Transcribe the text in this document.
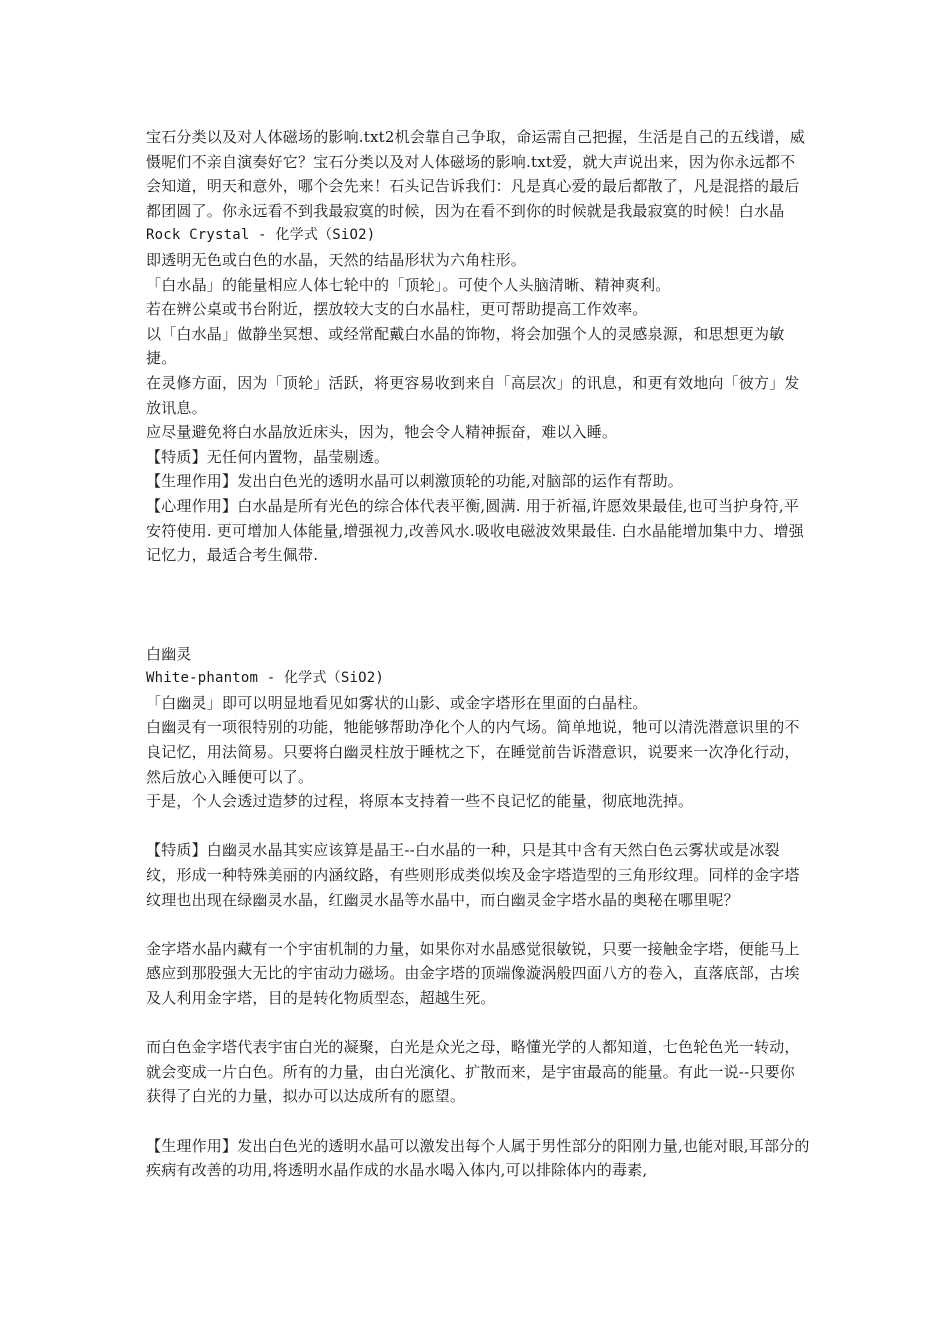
宝石分类以及对人体磁场的影响.txt2机会靠自己争取，命运需自己把握，生活是自己的五线谱，威慑呢们不亲自演奏好它？宝石分类以及对人体磁场的影响.txt爱，就大声说出来，因为你永远都不会知道，明天和意外，哪个会先来！石头记告诉我们：凡是真心爱的最后都散了，凡是混搭的最后都团圆了。你永远看不到我最寂寞的时候，因为在看不到你的时候就是我最寂寞的时候！白水晶

Rock Crystal - 化学式（SiO2)

即透明无色或白色的水晶，天然的结晶形状为六角柱形。

「白水晶」的能量相应人体七轮中的「顶轮」。可使个人头脑清晰、精神爽利。

若在辨公桌或书台附近，摆放较大支的白水晶柱，更可帮助提高工作效率。

以「白水晶」做静坐冥想、或经常配戴白水晶的饰物，将会加强个人的灵感泉源，和思想更为敏捷。

在灵修方面，因为「顶轮」活跃，将更容易收到来自「高层次」的讯息，和更有效地向「彼方」发放讯息。

应尽量避免将白水晶放近床头，因为，牠会令人精神振奋，难以入睡。

【特质】无任何内置物，晶莹剔透。

【生理作用】发出白色光的透明水晶可以刺激顶轮的功能,对脑部的运作有帮助。

【心理作用】白水晶是所有光色的综合体代表平衡,圆满. 用于祈福,许愿效果最佳,也可当护身符,平安符使用. 更可增加人体能量,增强视力,改善风水.吸收电磁波效果最佳. 白水晶能增加集中力、增强记忆力，最适合考生佩带.

白幽灵

White-phantom - 化学式（SiO2)

「白幽灵」即可以明显地看见如雾状的山影、或金字塔形在里面的白晶柱。

白幽灵有一项很特别的功能，牠能够帮助净化个人的内气场。简单地说，牠可以清洗潜意识里的不良记忆，用法简易。只要将白幽灵柱放于睡枕之下，在睡觉前告诉潜意识，说要来一次净化行动，然后放心入睡便可以了。

于是，个人会透过造梦的过程，将原本支持着一些不良记忆的能量，彻底地洗掉。

【特质】白幽灵水晶其实应该算是晶王--白水晶的一种，只是其中含有天然白色云雾状或是冰裂纹，形成一种特殊美丽的内涵纹路，有些则形成类似埃及金字塔造型的三角形纹理。同样的金字塔纹理也出现在绿幽灵水晶，红幽灵水晶等水晶中，而白幽灵金字塔水晶的奥秘在哪里呢？

金字塔水晶内藏有一个宇宙机制的力量，如果你对水晶感觉很敏锐，只要一接触金字塔，便能马上感应到那股强大无比的宇宙动力磁场。由金字塔的顶端像漩涡般四面八方的卷入，直落底部，古埃及人利用金字塔，目的是转化物质型态，超越生死。

而白色金字塔代表宇宙白光的凝聚，白光是众光之母，略懂光学的人都知道，七色轮色光一转动，就会变成一片白色。所有的力量，由白光演化、扩散而来，是宇宙最高的能量。有此一说--只要你获得了白光的力量，拟办可以达成所有的愿望。

【生理作用】发出白色光的透明水晶可以激发出每个人属于男性部分的阳刚力量,也能对眼,耳部分的疾病有改善的功用,将透明水晶作成的水晶水喝入体内,可以排除体内的毒素,
